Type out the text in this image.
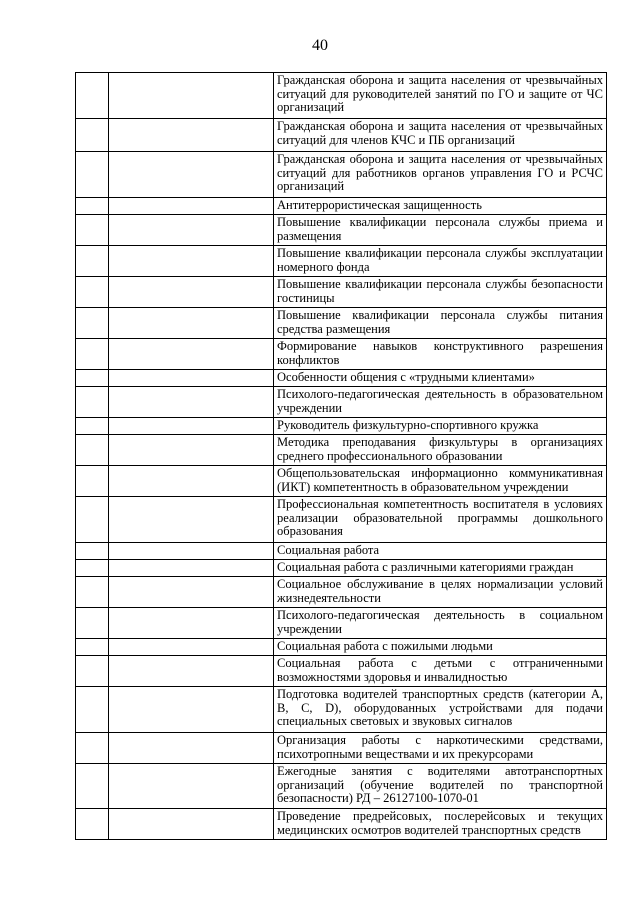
40
		Гражданская оборона и защита населения от чрезвычайных ситуаций для руководителей занятий по ГО и защите от ЧС организаций
		Гражданская оборона и защита населения от чрезвычайных ситуаций для членов КЧС и ПБ организаций
		Гражданская оборона и защита населения от чрезвычайных ситуаций для работников органов управления ГО и РСЧС организаций
		Антитеррористическая защищенность
		Повышение квалификации персонала службы приема и размещения
		Повышение квалификации персонала службы эксплуатации номерного фонда
		Повышение квалификации персонала службы безопасности гостиницы
		Повышение квалификации персонала службы питания средства размещения
		Формирование навыков конструктивного разрешения конфликтов
		Особенности общения с «трудными клиентами»
		Психолого-педагогическая деятельность в образовательном учреждении
		Руководитель физкультурно-спортивного кружка
		Методика преподавания физкультуры в организациях среднего профессионального образовании
		Общепользовательская информационно коммуникативная (ИКТ) компетентность в образовательном учреждении
		Профессиональная компетентность воспитателя в условиях реализации образовательной программы дошкольного образования
		Социальная работа
		Социальная работа с различными категориями граждан
		Социальное обслуживание в целях нормализации условий жизнедеятельности
		Психолого-педагогическая деятельность в социальном учреждении
		Социальная работа с пожилыми людьми
		Социальная работа с детьми с отграниченными возможностями здоровья и инвалидностью
		Подготовка водителей транспортных средств (категории А, В, С, D), оборудованных устройствами для подачи специальных световых и звуковых сигналов
		Организация работы с наркотическими средствами, психотропными веществами и их прекурсорами
		Ежегодные занятия с водителями автотранспортных организаций (обучение водителей по транспортной безопасности) РД – 26127100-1070-01
		Проведение предрейсовых, послерейсовых и текущих медицинских осмотров водителей транспортных средств
